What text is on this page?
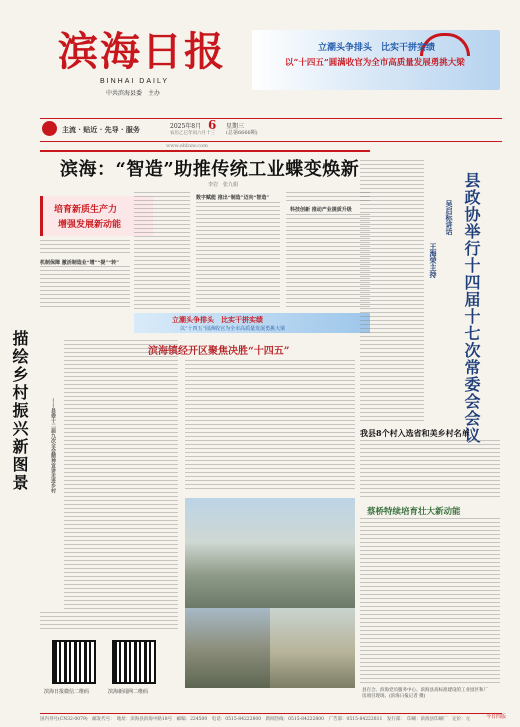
滨海日报
BINHAI DAILY
中共滨海县委　主办
立潮头争排头　比实干拼实绩
以“十四五”圆满收官为全市高质量发展勇挑大梁
主流 · 贴近 · 先导 · 服务	2025年8月
农历乙巳年闰六月十三
6 星期三
(总第6666期)
www.ehbxw.com
滨海：“智造”助推传统工业蝶变焕新
李岩　张九娟
培育新质生产力
增强发展新动能
机制保障 激活制造业“增”“提”“转”
数字赋能 推出“制造”迈向“智造”
科技创新 推动产业提质升级
立潮头争排头　比实干拼实绩
以“十四五”圆满收官为全市高质量发展勇挑大梁
滨海镇经开区聚焦决胜“十四五”
描绘乡村振兴新图景	——县委十二届九次全会精神宣讲走进乡村
滨海日报微信二维码	滨海新闻网二维码
县政协举行十四届十七次常委会会议
吴启标讲话
王海荣主持
我县8个村入选省和美乡村名单
蔡桥特续培育壮大新动能
县百合、滨海党员服务中心、滨海县高标准建设的工业园区和厂房项目现场。(滨海日报记者 摄)
国内刊号(CN32-0079)　邮发代号：　地址：滨海县滨海中路18号　邮编：224500　电话：0515-84222800　新闻热线：0515-84222800　广告部：0515-84222811　发行部：　印刷：滨海县印刷厂　定价：元	今日四版
